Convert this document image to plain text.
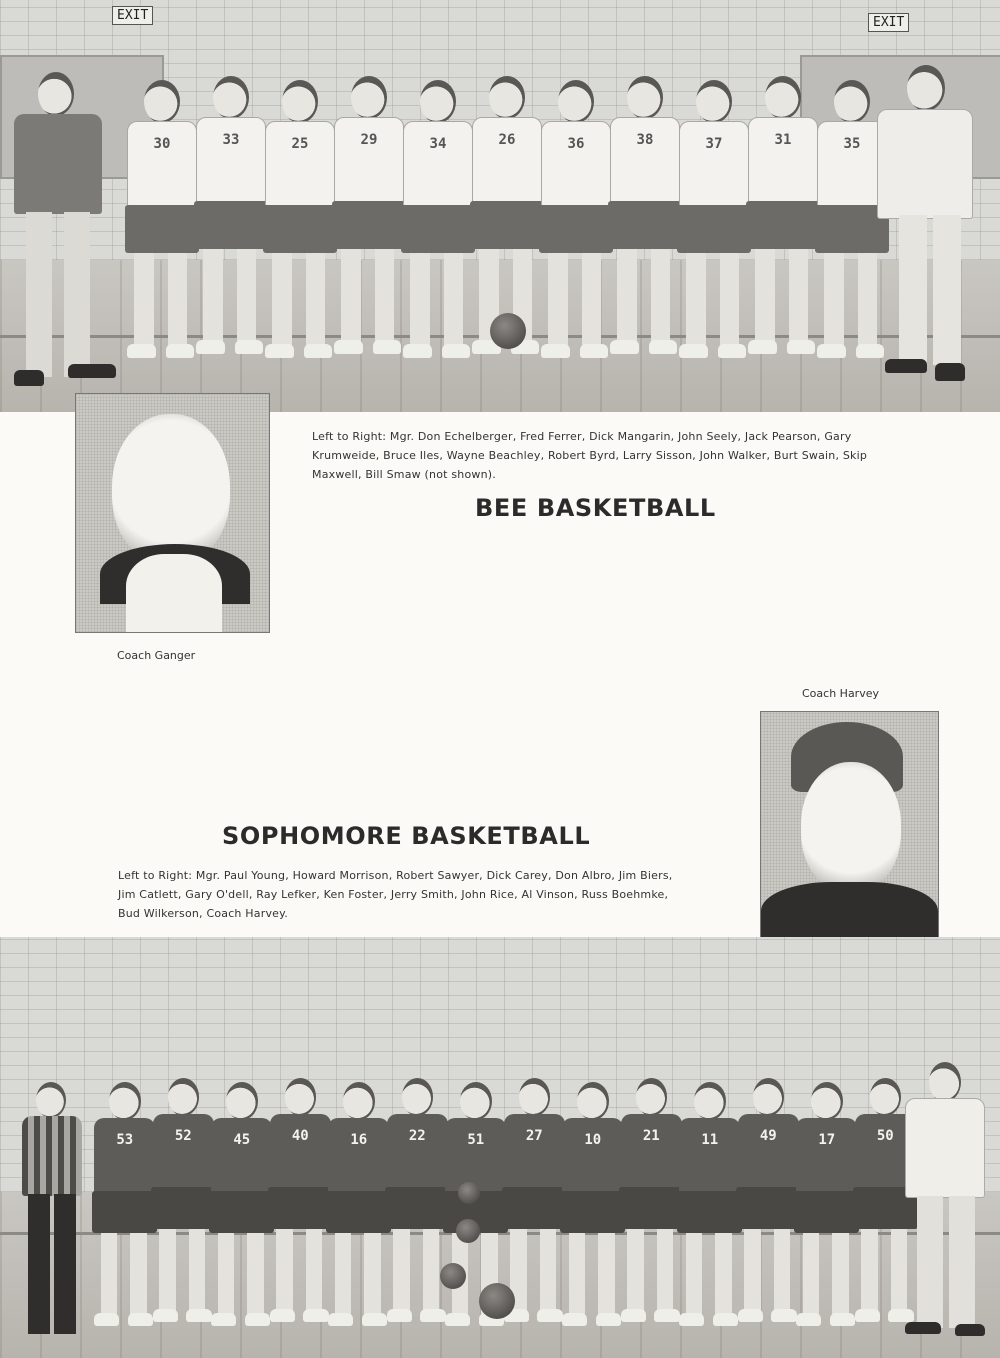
EXIT	EXIT
30	33	25	29	34	26	36	38	37	31	35
Coach Ganger
Left to Right: Mgr. Don Echelberger, Fred Ferrer, Dick Mangarin, John Seely, Jack Pearson, Gary Krumweide, Bruce Iles, Wayne Beachley, Robert Byrd, Larry Sisson, John Walker, Burt Swain, Skip Maxwell, Bill Smaw (not shown).
BEE BASKETBALL
Coach Harvey
SOPHOMORE BASKETBALL
Left to Right: Mgr. Paul Young, Howard Morrison, Robert Sawyer, Dick Carey, Don Albro, Jim Biers, Jim Catlett, Gary O'dell, Ray Lefker, Ken Foster, Jerry Smith, John Rice, Al Vinson, Russ Boehmke, Bud Wilkerson, Coach Harvey.
53	52	45	40	16	22	51	27	10	21	11	49	17	50
